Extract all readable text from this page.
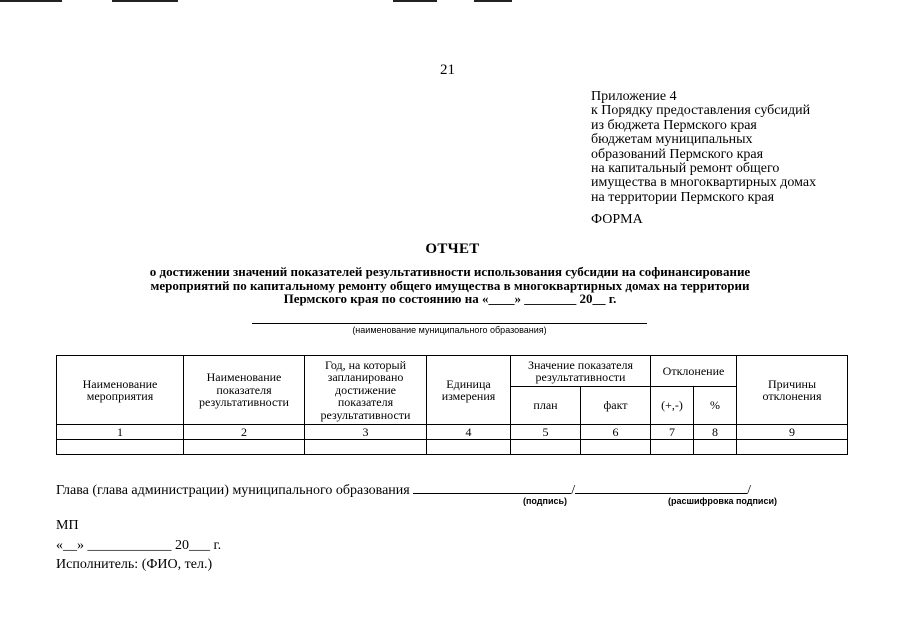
21
Приложение 4
к Порядку предоставления субсидий
из бюджета Пермского края
бюджетам муниципальных
образований Пермского края
на капитальный ремонт общего
имущества в многоквартирных домах
на территории Пермского края
ФОРМА
ОТЧЕТ
о достижении значений показателей результативности использования субсидии на софинансирование
мероприятий по капитальному ремонту общего имущества в многоквартирных домах на территории
Пермского края по состоянию на «____» ________ 20__ г.
(наименование муниципального образования)
Наименование мероприятия	Наименование показателя результативности	Год, на который запланировано достижение показателя результативности	Единица измерения	Значение показателя результативности		Отклонение		Причины отклонения
				план	факт	(+,-)	%	
1	2	3	4	5	6	7	8	9

Глава (глава администрации) муниципального образования	/	/
(подпись)	(расшифровка подписи)
МП
«__» ____________ 20___ г.
Исполнитель: (ФИО, тел.)
